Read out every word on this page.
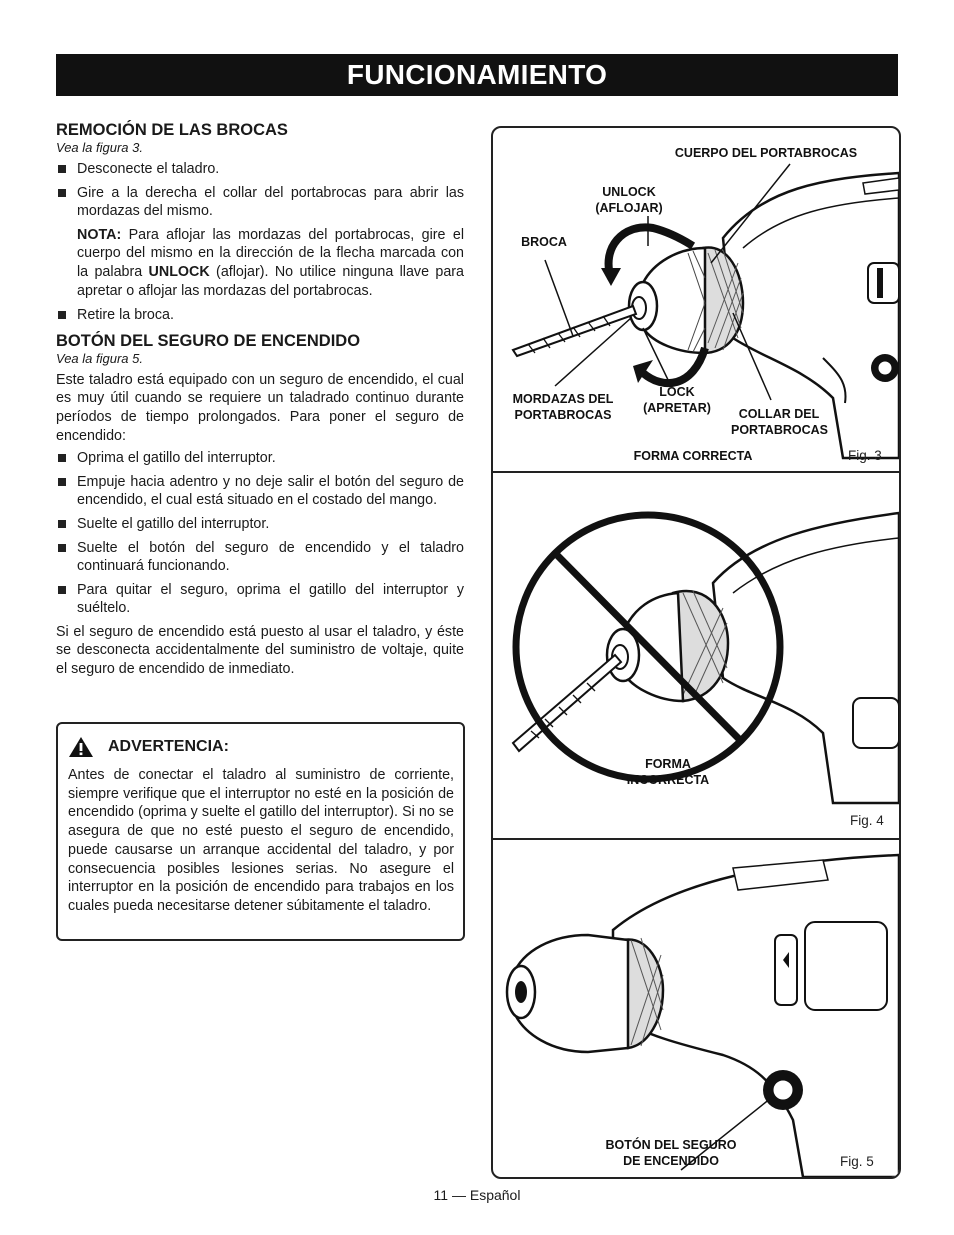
FUNCIONAMIENTO
REMOCIÓN DE LAS BROCAS

Vea la figura 3.

Desconecte el taladro.
Gire a la derecha el collar del portabrocas para abrir las mordazas del mismo.
NOTA: Para aflojar las mordazas del portabrocas, gire el cuerpo del mismo en la dirección de la flecha marcada con la palabra UNLOCK (aflojar). No utilice ninguna llave para apretar o aflojar las mordazas del portabrocas.
Retire la broca.
BOTÓN DEL SEGURO DE ENCENDIDO

Vea la figura 5.

Este taladro está equipado con un seguro de encendido, el cual es muy útil cuando se requiere un taladrado continuo durante períodos de tiempo prolongados. Para poner el seguro de encendido:

Oprima el gatillo del interruptor.
Empuje hacia adentro y no deje salir el botón del seguro de encendido, el cual está situado en el costado del mango.
Suelte el gatillo del interruptor.
Suelte el botón del seguro de encendido y el taladro continuará funcionando.
Para quitar el seguro, oprima el gatillo del interruptor y suéltelo.

Si el seguro de encendido está puesto al usar el taladro, y éste se desconecta accidentalmente del suministro de voltaje, quite el seguro de encendido de inmediato.

ADVERTENCIA:
Antes de conectar el taladro al suministro de corriente, siempre verifique que el interruptor no esté en la posición de encendido (oprima y suelte el gatillo del interruptor). Si no se asegura de que no esté puesto el seguro de encendido, puede causarse un arranque accidental del taladro, y por consecuencia posibles lesiones serias. No asegure el interruptor en la posición de encendido para trabajos en los cuales pueda necesitarse detener súbitamente el taladro.
CUERPO DEL PORTABROCAS
UNLOCK
(AFLOJAR)
BROCA
MORDAZAS DEL
PORTABROCAS
LOCK
(APRETAR)	COLLAR DEL
PORTABROCAS
FORMA CORRECTA	Fig. 3
FORMA
INCORRECTA
Fig. 4
BOTÓN DEL SEGURO
DE ENCENDIDO	Fig. 5
11 — Español
